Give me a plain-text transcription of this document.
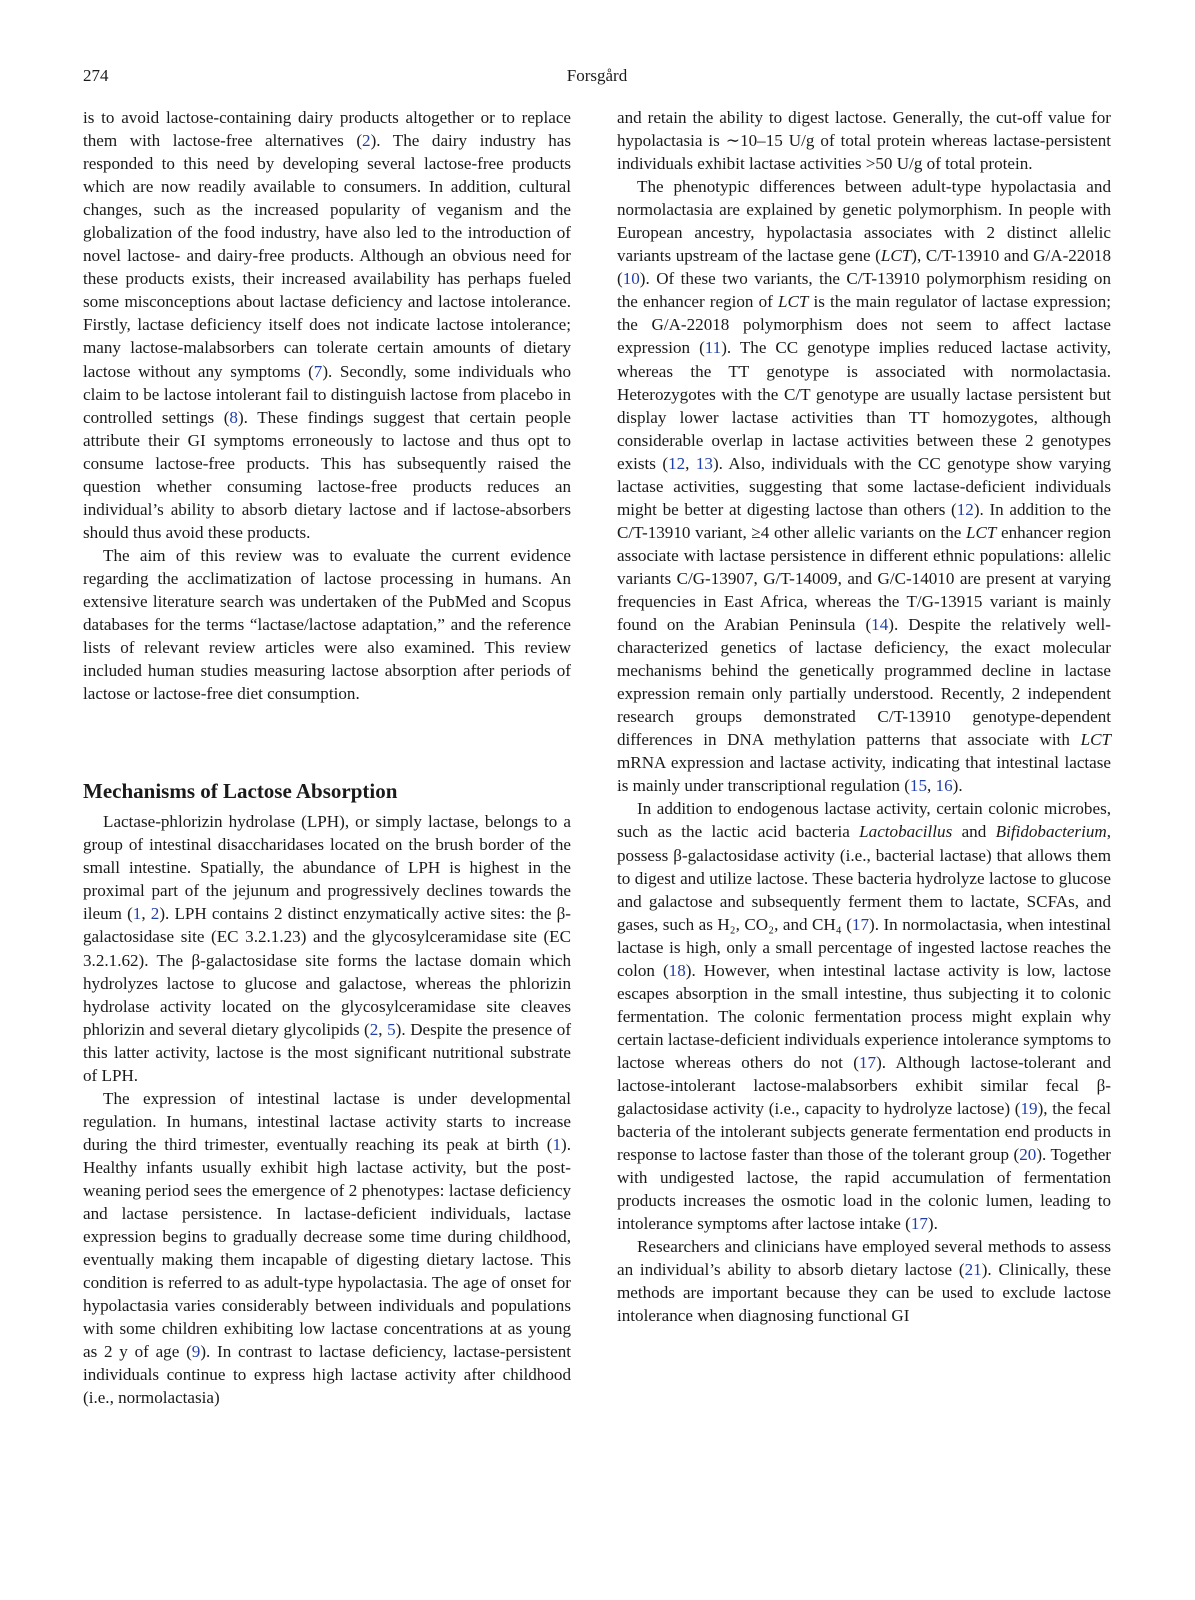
274	Forsgård

is to avoid lactose-containing dairy products altogether or to replace them with lactose-free alternatives (2). The dairy industry has responded to this need by developing several lactose-free products which are now readily available to consumers. In addition, cultural changes, such as the increased popularity of veganism and the globalization of the food industry, have also led to the introduction of novel lactose- and dairy-free products. Although an obvious need for these products exists, their increased availability has perhaps fueled some misconceptions about lactase deficiency and lactose intolerance. Firstly, lactase deficiency itself does not indicate lactose intolerance; many lactose-malabsorbers can tolerate certain amounts of dietary lactose without any symptoms (7). Secondly, some individuals who claim to be lactose intolerant fail to distinguish lactose from placebo in controlled settings (8). These findings suggest that certain people attribute their GI symptoms erroneously to lactose and thus opt to consume lactose-free products. This has subsequently raised the question whether consuming lactose-free products reduces an individual’s ability to absorb dietary lactose and if lactose-absorbers should thus avoid these products.

The aim of this review was to evaluate the current evidence regarding the acclimatization of lactose processing in humans. An extensive literature search was undertaken of the PubMed and Scopus databases for the terms “lactase/lactose adaptation,” and the reference lists of relevant review articles were also examined. This review included human studies measuring lactose absorption after periods of lactose or lactose-free diet consumption.

Mechanisms of Lactose Absorption

Lactase-phlorizin hydrolase (LPH), or simply lactase, belongs to a group of intestinal disaccharidases located on the brush border of the small intestine. Spatially, the abundance of LPH is highest in the proximal part of the jejunum and progressively declines towards the ileum (1, 2). LPH contains 2 distinct enzymatically active sites: the β-galactosidase site (EC 3.2.1.23) and the glycosylceramidase site (EC 3.2.1.62). The β-galactosidase site forms the lactase domain which hydrolyzes lactose to glucose and galactose, whereas the phlorizin hydrolase activity located on the glycosylceramidase site cleaves phlorizin and several dietary glycolipids (2, 5). Despite the presence of this latter activity, lactose is the most significant nutritional substrate of LPH.

The expression of intestinal lactase is under developmental regulation. In humans, intestinal lactase activity starts to increase during the third trimester, eventually reaching its peak at birth (1). Healthy infants usually exhibit high lactase activity, but the post-weaning period sees the emergence of 2 phenotypes: lactase deficiency and lactase persistence. In lactase-deficient individuals, lactase expression begins to gradually decrease some time during childhood, eventually making them incapable of digesting dietary lactose. This condition is referred to as adult-type hypolactasia. The age of onset for hypolactasia varies considerably between individuals and populations with some children exhibiting low lactase concentrations at as young as 2 y of age (9). In contrast to lactase deficiency, lactase-persistent individuals continue to express high lactase activity after childhood (i.e., normolactasia)

and retain the ability to digest lactose. Generally, the cut-off value for hypolactasia is ∼10–15 U/g of total protein whereas lactase-persistent individuals exhibit lactase activities >50 U/g of total protein.

The phenotypic differences between adult-type hypolactasia and normolactasia are explained by genetic polymorphism. In people with European ancestry, hypolactasia associates with 2 distinct allelic variants upstream of the lactase gene (LCT), C/T-13910 and G/A-22018 (10). Of these two variants, the C/T-13910 polymorphism residing on the enhancer region of LCT is the main regulator of lactase expression; the G/A-22018 polymorphism does not seem to affect lactase expression (11). The CC genotype implies reduced lactase activity, whereas the TT genotype is associated with normolactasia. Heterozygotes with the C/T genotype are usually lactase persistent but display lower lactase activities than TT homozygotes, although considerable overlap in lactase activities between these 2 genotypes exists (12, 13). Also, individuals with the CC genotype show varying lactase activities, suggesting that some lactase-deficient individuals might be better at digesting lactose than others (12). In addition to the C/T-13910 variant, ≥4 other allelic variants on the LCT enhancer region associate with lactase persistence in different ethnic populations: allelic variants C/G-13907, G/T-14009, and G/C-14010 are present at varying frequencies in East Africa, whereas the T/G-13915 variant is mainly found on the Arabian Peninsula (14). Despite the relatively well-characterized genetics of lactase deficiency, the exact molecular mechanisms behind the genetically programmed decline in lactase expression remain only partially understood. Recently, 2 independent research groups demonstrated C/T-13910 genotype-dependent differences in DNA methylation patterns that associate with LCT mRNA expression and lactase activity, indicating that intestinal lactase is mainly under transcriptional regulation (15, 16).

In addition to endogenous lactase activity, certain colonic microbes, such as the lactic acid bacteria Lactobacillus and Bifidobacterium, possess β-galactosidase activity (i.e., bacterial lactase) that allows them to digest and utilize lactose. These bacteria hydrolyze lactose to glucose and galactose and subsequently ferment them to lactate, SCFAs, and gases, such as H₂, CO₂, and CH₄ (17). In normolactasia, when intestinal lactase is high, only a small percentage of ingested lactose reaches the colon (18). However, when intestinal lactase activity is low, lactose escapes absorption in the small intestine, thus subjecting it to colonic fermentation. The colonic fermentation process might explain why certain lactase-deficient individuals experience intolerance symptoms to lactose whereas others do not (17). Although lactose-tolerant and lactose-intolerant lactose-malabsorbers exhibit similar fecal β-galactosidase activity (i.e., capacity to hydrolyze lactose) (19), the fecal bacteria of the intolerant subjects generate fermentation end products in response to lactose faster than those of the tolerant group (20). Together with undigested lactose, the rapid accumulation of fermentation products increases the osmotic load in the colonic lumen, leading to intolerance symptoms after lactose intake (17).

Researchers and clinicians have employed several methods to assess an individual’s ability to absorb dietary lactose (21). Clinically, these methods are important because they can be used to exclude lactose intolerance when diagnosing functional GI
